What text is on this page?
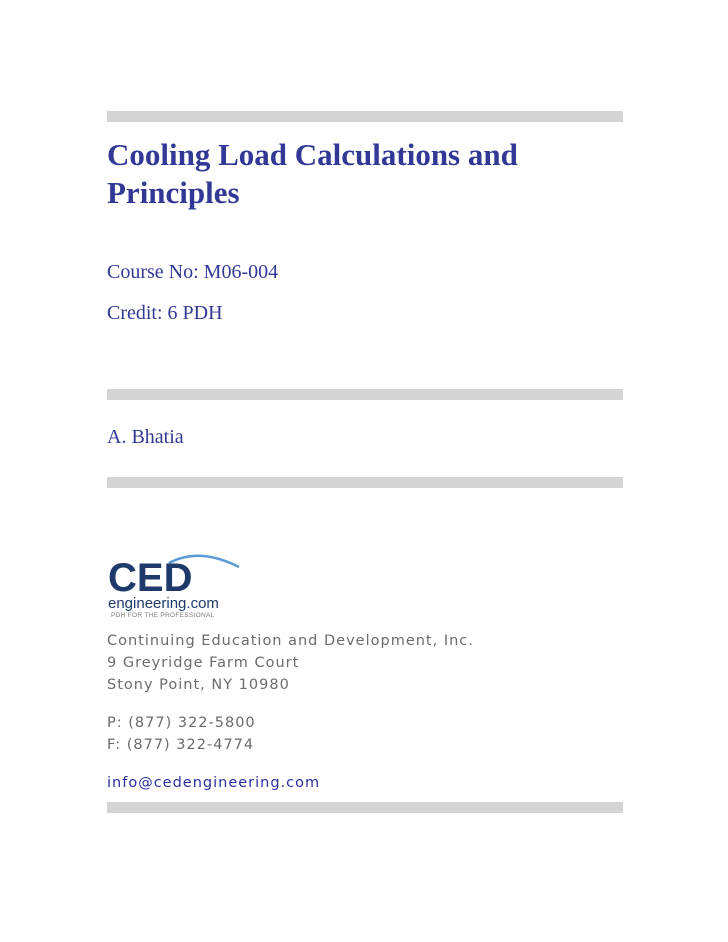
Cooling Load Calculations and Principles
Course No: M06-004
Credit: 6 PDH
A. Bhatia
CED
engineering.com
PDH FOR THE PROFESSIONAL
Continuing Education and Development, Inc.
9 Greyridge Farm Court
Stony Point, NY 10980
P: (877) 322-5800
F: (877) 322-4774
info@cedengineering.com
